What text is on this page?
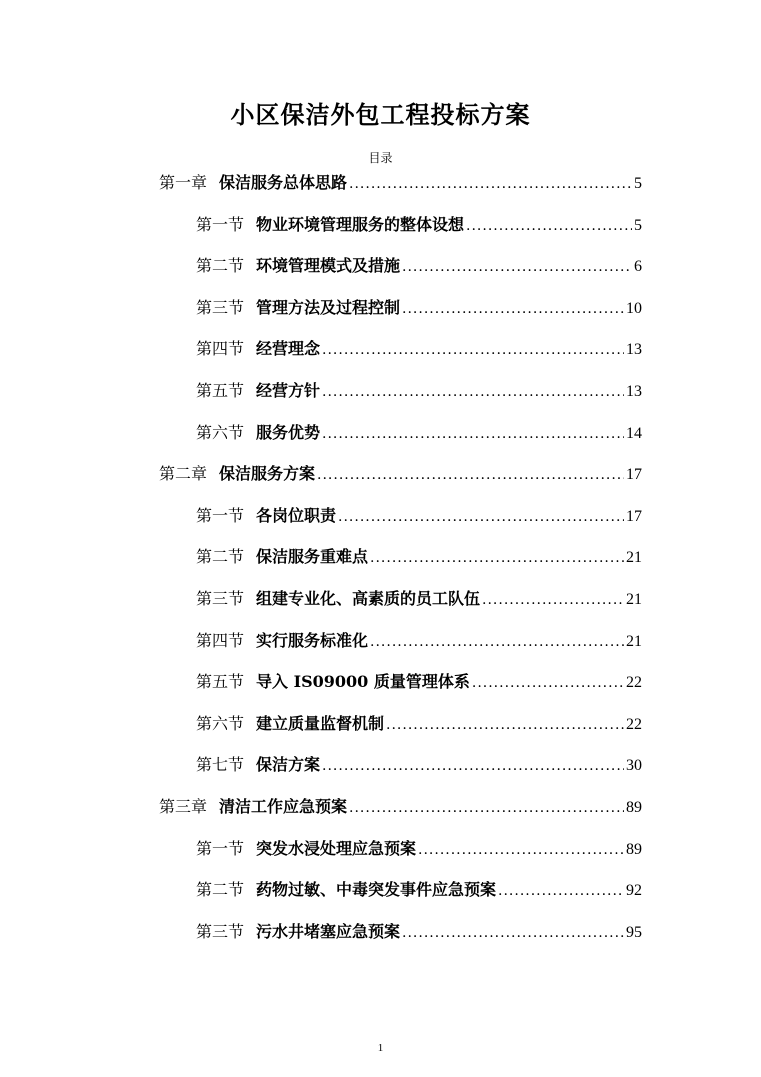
小区保洁外包工程投标方案
目录
第一章 保洁服务总体思路 .....	5
第一节 物业环境管理服务的整体设想 .....	5
第二节 环境管理模式及措施 .....	6
第三节 管理方法及过程控制 .....	10
第四节 经营理念 .....	13
第五节 经营方针 .....	13
第六节 服务优势 .....	14
第二章 保洁服务方案 .....	17
第一节 各岗位职责 .....	17
第二节 保洁服务重难点 .....	21
第三节 组建专业化、高素质的员工队伍 .....	21
第四节 实行服务标准化 .....	21
第五节 导入 IS09000 质量管理体系 .....	22
第六节 建立质量监督机制 .....	22
第七节 保洁方案 .....	30
第三章 清洁工作应急预案 .....	89
第一节 突发水浸处理应急预案 .....	89
第二节 药物过敏、中毒突发事件应急预案 .....	92
第三节 污水井堵塞应急预案 .....	95
1
